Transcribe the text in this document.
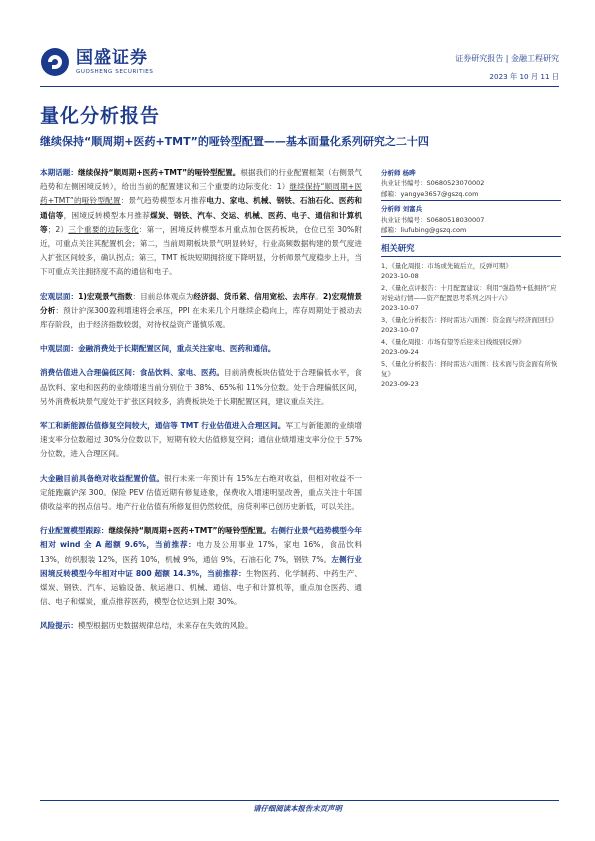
国盛证券
GUOSHENG SECURITIES
证券研究报告 | 金融工程研究
2023 年 10 月 11 日
量化分析报告
继续保持“顺周期+医药+TMT”的哑铃型配置——基本面量化系列研究之二十四

本期话题：继续保持“顺周期+医药+TMT”的哑铃型配置。根据我们的行业配置框架（右侧景气趋势和左侧困境反转），给出当前的配置建议和三个重要的边际变化：1）继续保持“顺周期+医药+TMT”的哑铃型配置：景气趋势模型本月推荐电力、家电、机械、钢铁、石油石化、医药和通信等，困境反转模型本月推荐煤炭、钢铁、汽车、交运、机械、医药、电子、通信和计算机等；2）三个重要的边际变化：第一，困境反转模型本月重点加仓医药板块，仓位已至 30%附近，可重点关注其配置机会；第二，当前周期板块景气明显转好，行业高频数据构建的景气度进入扩张区间较多，确认拐点；第三，TMT 板块短期拥挤度下降明显，分析师景气度稳步上升，当下可重点关注拥挤度不高的通信和电子。

宏观层面：1)宏观景气指数：目前总体观点为经济弱、货币紧、信用宽松、去库存。2)宏观情景分析：预计沪深300盈利增速将会承压，PPI 在未来几个月继续企稳向上，库存周期处于被动去库存阶段，由于经济指数较弱，对待权益资产谨慎乐观。

中观层面：金融消费处于长期配置区间，重点关注家电、医药和通信。

消费估值进入合理偏低区间：食品饮料、家电、医药。目前消费板块估值处于合理偏低水平，食品饮料、家电和医药的业绩增速当前分别位于 38%、65%和 11%分位数。处于合理偏低区间，另外消费板块景气度处于扩张区间较多，消费板块处于长期配置区间，建议重点关注。

军工和新能源估值修复空间较大，通信等 TMT 行业估值进入合理区间。军工与新能源的业绩增速支率分位数超过 30%分位数以下，短期有较大估值修复空间；通信业绩增速支率分位于 57%分位数，进入合理区间。

大金融目前具备绝对收益配置价值。银行未来一年预计有 15%左右绝对收益，但相对收益不一定能跑赢沪深 300。保险 PEV 估值近期有修复迹象，保费收入增速明显改善，重点关注十年国债收益率的拐点信号。地产行业估值有所修复但仍然较低，房贷利率已创历史新低，可以关注。

行业配置模型跟踪：继续保持“顺周期+医药+TMT”的哑铃型配置。右侧行业景气趋势模型今年相对 wind 全 A 超额 9.6%，当前推荐：电力及公用事业 17%，家电 16%，食品饮料 13%，纺织服装 12%，医药 10%，机械 9%，通信 9%，石油石化 7%，钢铁 7%。左侧行业困境反转模型今年相对中证 800 超额 14.3%，当前推荐：生物医药、化学制药、中药生产、煤炭、钢铁、汽车、运输设备、航运港口、机械、通信、电子和计算机等，重点加仓医药、通信、电子和煤炭，重点推荐医药，模型仓位达到上限 30%。

风险提示：模型根据历史数据规律总结，未来存在失效的风险。

分析师 杨晔
执业证书编号：S0680523070002
邮箱：yangye3657@gszq.com
分析师 刘富兵
执业证书编号：S0680518030007
邮箱：liufubing@gszq.com
相关研究
1、《量化周报：市场或先破后立，反弹可期》
2023-10-08
2、《量化点评报告：十月配置建议：利用“强趋势+低拥挤”应对轮动行情——资产配置思考系列之四十六》
2023-10-07
3、《量化分析报告：择时雷达六面图：资金面与经济面回归》
2023-10-07
4、《量化周报：市场有望等后迎来日线级别反弹》
2023-09-24
5、《量化分析报告：择时雷达六面图：技术面与资金面有所恢复》
2023-09-23
请仔细阅读本报告末页声明
